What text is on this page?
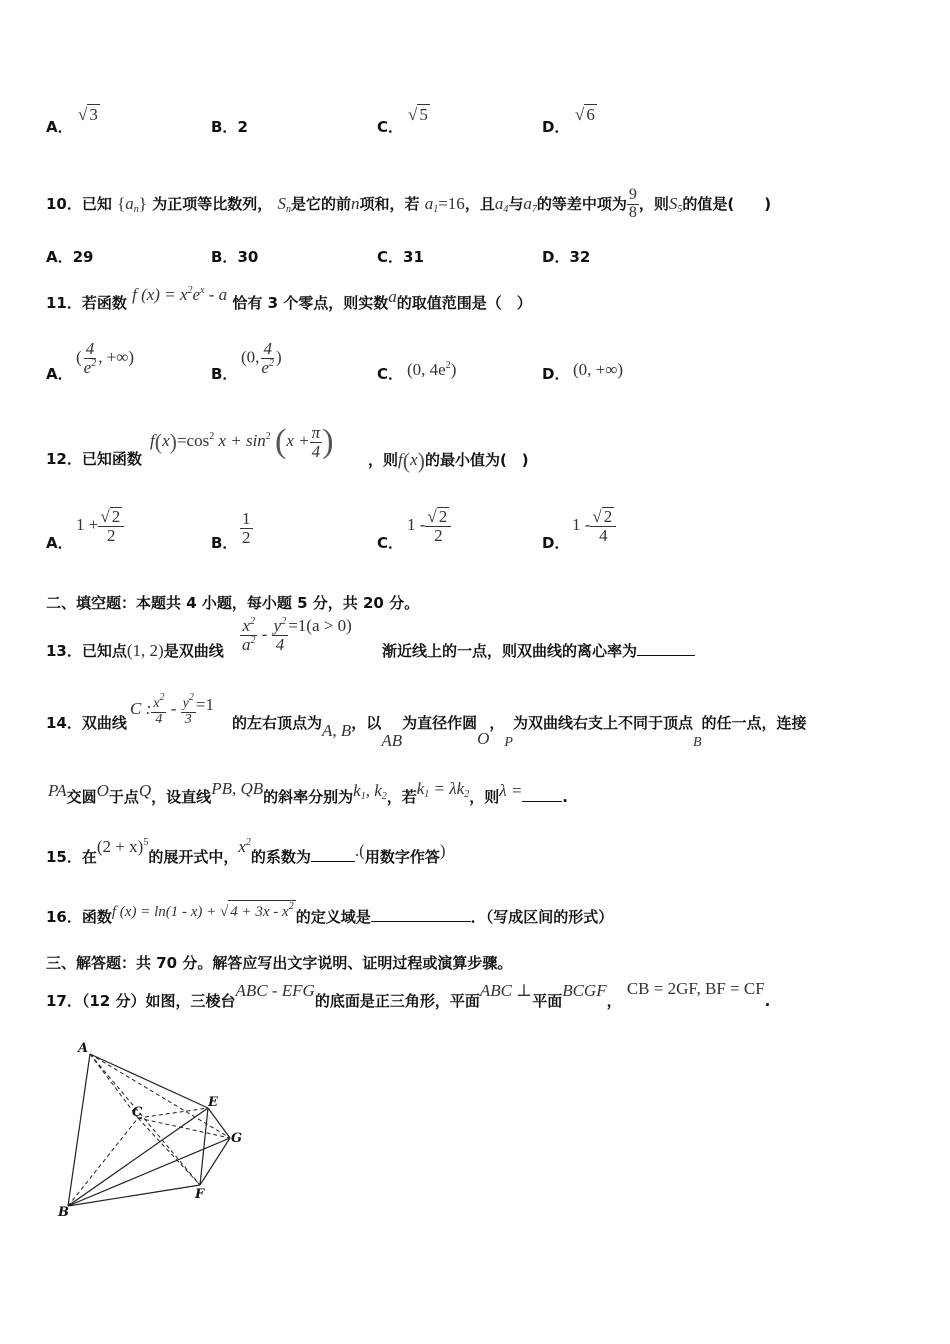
A．
√ 3
B．2	C．
√ 5
D．
√ 6
10．已知 $\{a_n\}$ 为正项等比数列， $S_n$是它的前n项和，若 $a_1=16$，且$a_4$与$a_7$的等差中项为 $\frac{9}{8}$ ，则$S_5$的值是(　　)
A．29	B．30	C．31	D．32
11．若函数 f $(x) = x^2e^x - a$ 恰有 3 个零点，则实数a的取值范围是（　）
A．
( $\frac{4}{e^2}$ , +∞)
B．
(0, $\frac{4}{e^2}$ )
C． (0, $4e^2$)	D． (0, +∞)
12．已知函数
$f(x)=\cos^2$ $x + \sin^2 (x + \frac{\pi}{4}$ ) ，则f(x)的最小值为(　)
A．
$1 + \frac{√ 2}{2}$	B． $\frac{1}{2}$	C．
$1 - \frac{√ 2}{2}$	D．
$1 - \frac{√ 2}{4}$
二、填空题：本题共 4 小题，每小题 5 分，共 20 分。
13．已知点(1, 2)是双曲线 $\frac{x^2}{a^2} - \frac{y^2}{4} =1(a > 0)$
渐近线上的一点，则双曲线的离心率为
14．双曲线
C : $\frac{x^2}{4} - \frac{y^2}{3} =1$
的左右顶点为A, B，以AB为直径作圆O，P为双曲线右支上不同于顶点B的任一点，连接
PA交圆O于点Q，设直线PB, QB的斜率分别为$k_1$, $k_2$，若$k_1 = \lambda k_2$，则λ =	.
15．在$(2 + x)^5$的展开式中，$x^2$的系数为	.(用数字作答)
16．函数f (x) = ln(1 - x) + √ $4 + 3x - x^2$的定义域是	．（写成区间的形式）
三、解答题：共 70 分。解答应写出文字说明、证明过程或演算步骤。
17．（12 分）如图，三棱台ABC - EFG的底面是正三角形，平面ABC ⊥平面BCGF， CB = 2GF, BF = CF.
A
C
E
G
F
B
